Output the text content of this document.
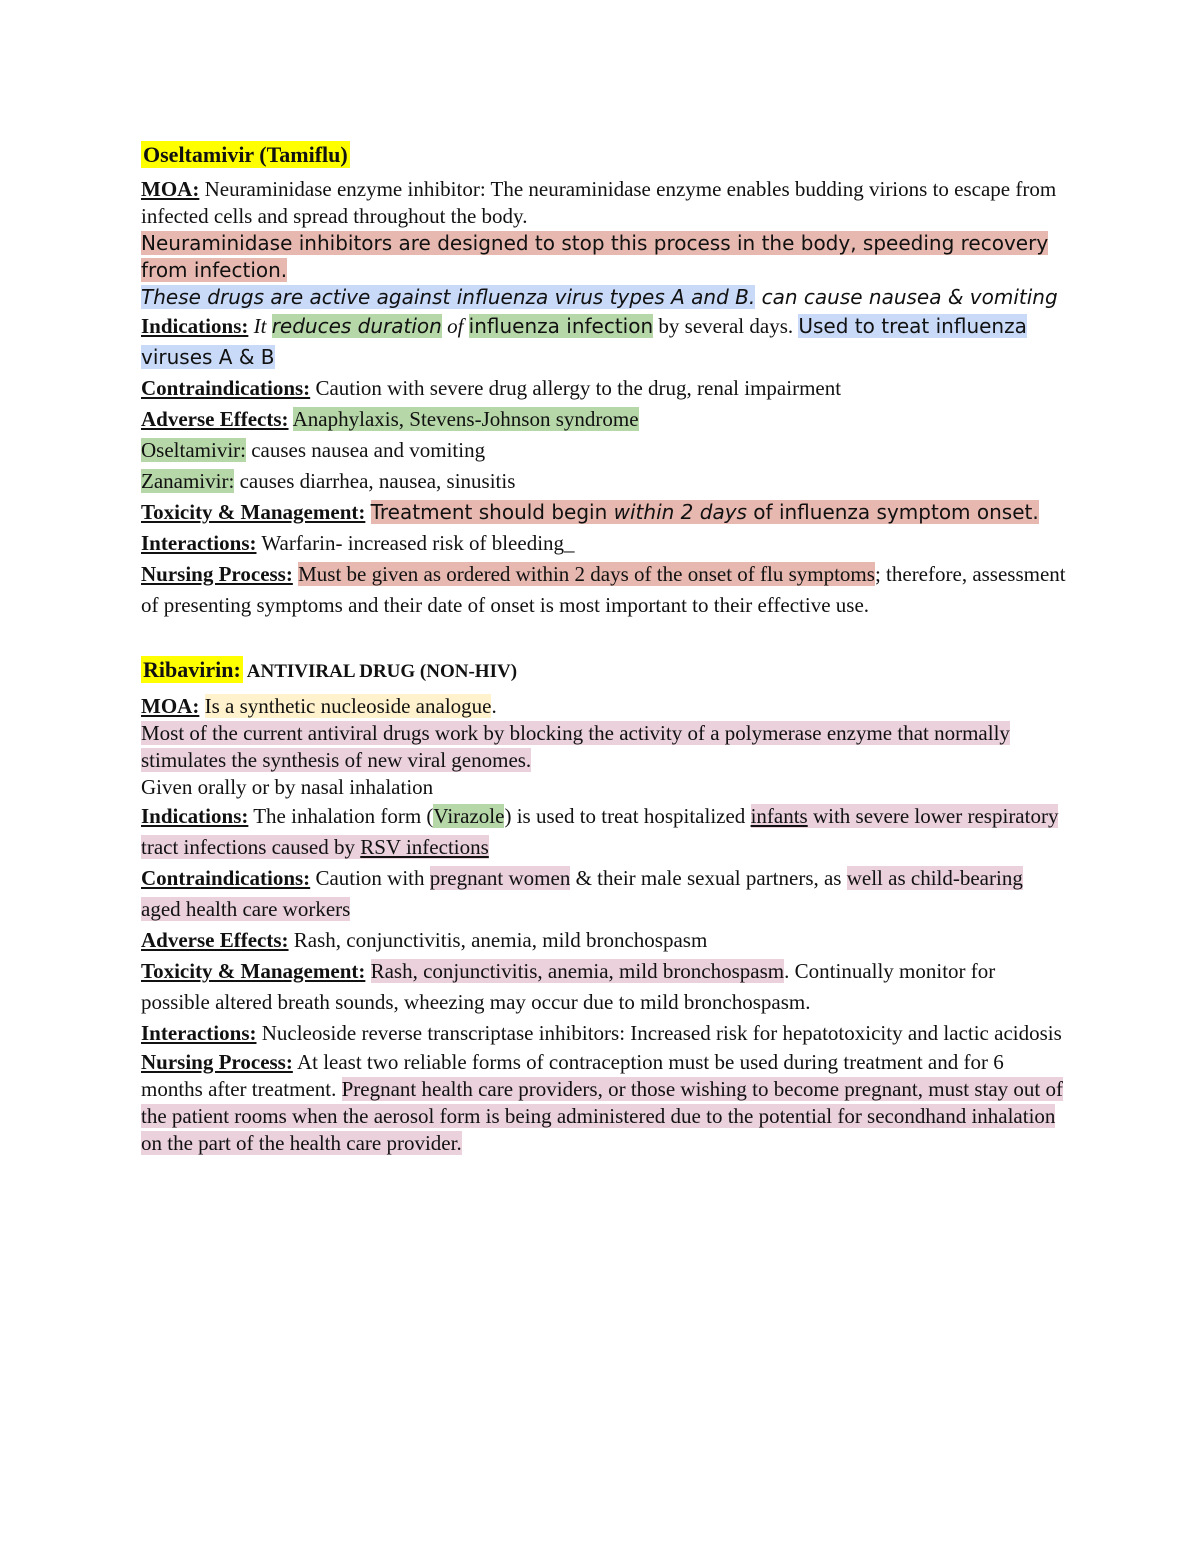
Oseltamivir (Tamiflu)

MOA: Neuraminidase enzyme inhibitor: The neuraminidase enzyme enables budding virions to escape from infected cells and spread throughout the body.

Neuraminidase inhibitors are designed to stop this process in the body, speeding recovery from infection.

These drugs are active against influenza virus types A and B. can cause nausea & vomiting

Indications: It reduces duration of influenza infection by several days. Used to treat influenza viruses A & B

Contraindications: Caution with severe drug allergy to the drug, renal impairment

Adverse Effects: Anaphylaxis, Stevens-Johnson syndrome

Oseltamivir: causes nausea and vomiting

Zanamivir: causes diarrhea, nausea, sinusitis

Toxicity & Management: Treatment should begin within 2 days of influenza symptom onset.

Interactions: Warfarin- increased risk of bleeding_

Nursing Process: Must be given as ordered within 2 days of the onset of flu symptoms; therefore, assessment of presenting symptoms and their date of onset is most important to their effective use.

Ribavirin: ANTIVIRAL DRUG (NON-HIV)

MOA: Is a synthetic nucleoside analogue.

Most of the current antiviral drugs work by blocking the activity of a polymerase enzyme that normally stimulates the synthesis of new viral genomes.

Given orally or by nasal inhalation

Indications: The inhalation form (Virazole) is used to treat hospitalized infants with severe lower respiratory tract infections caused by RSV infections

Contraindications: Caution with pregnant women & their male sexual partners, as well as child-bearing aged health care workers

Adverse Effects: Rash, conjunctivitis, anemia, mild bronchospasm

Toxicity & Management: Rash, conjunctivitis, anemia, mild bronchospasm. Continually monitor for possible altered breath sounds, wheezing may occur due to mild bronchospasm.

Interactions: Nucleoside reverse transcriptase inhibitors: Increased risk for hepatotoxicity and lactic acidosis

Nursing Process: At least two reliable forms of contraception must be used during treatment and for 6 months after treatment. Pregnant health care providers, or those wishing to become pregnant, must stay out of the patient rooms when the aerosol form is being administered due to the potential for secondhand inhalation on the part of the health care provider.
